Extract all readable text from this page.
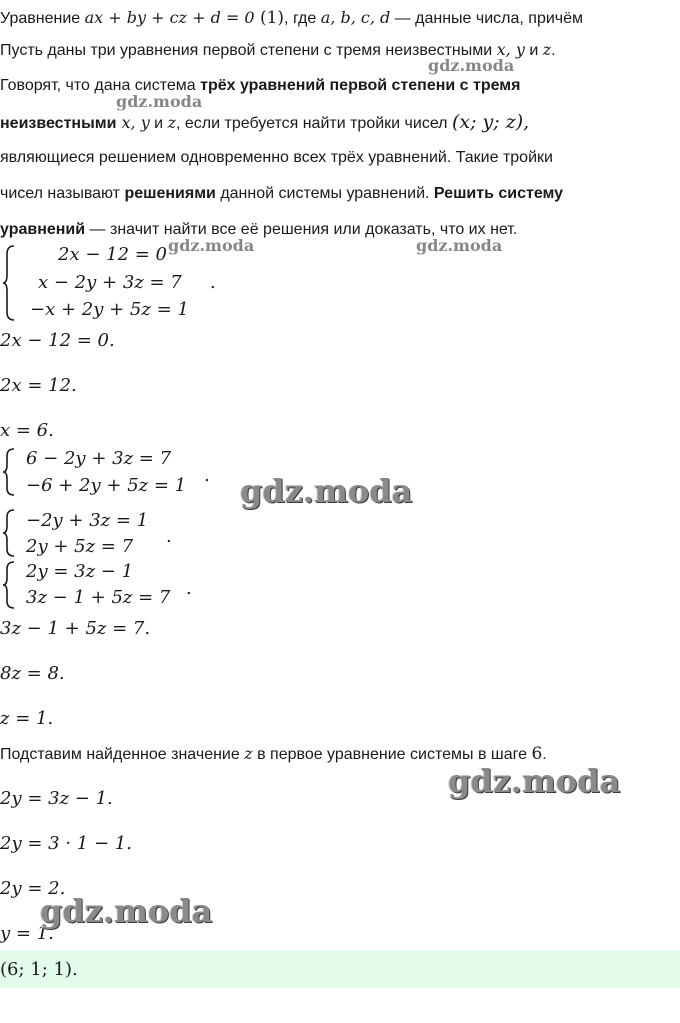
Уравнение ax + by + cz + d = 0 (1), где a, b, c, d — данные числа, причём
Пусть даны три уравнения первой степени с тремя неизвестными x, y и z.
Говорят, что дана система трёх уравнений первой степени с тремя
неизвестными x, y и z, если требуется найти тройки чисел (x; y; z),
являющиеся решением одновременно всех трёх уравнений. Такие тройки
чисел называют решениями данной системы уравнений. Решить систему
уравнений — значит найти все её решения или доказать, что их нет.
2x − 12 = 0
x − 2y + 3z = 7
−x + 2y + 5z = 1
.
2x − 12 = 0.
2x = 12.
x = 6.
6 − 2y + 3z = 7
−6 + 2y + 5z = 1 .
−2y + 3z = 1
2y + 5z = 7 .
2y = 3z − 1
3z − 1 + 5z = 7 .
3z − 1 + 5z = 7.
8z = 8.
z = 1.
Подставим найденное значение z в первое уравнение системы в шаге 6.
2y = 3z − 1.
2y = 3 · 1 − 1.
2y = 2.
y = 1.
(6; 1; 1).
gdz.moda
gdz.moda
gdz.moda	gdz.moda
gdz.moda
gdz.moda
gdz.moda
